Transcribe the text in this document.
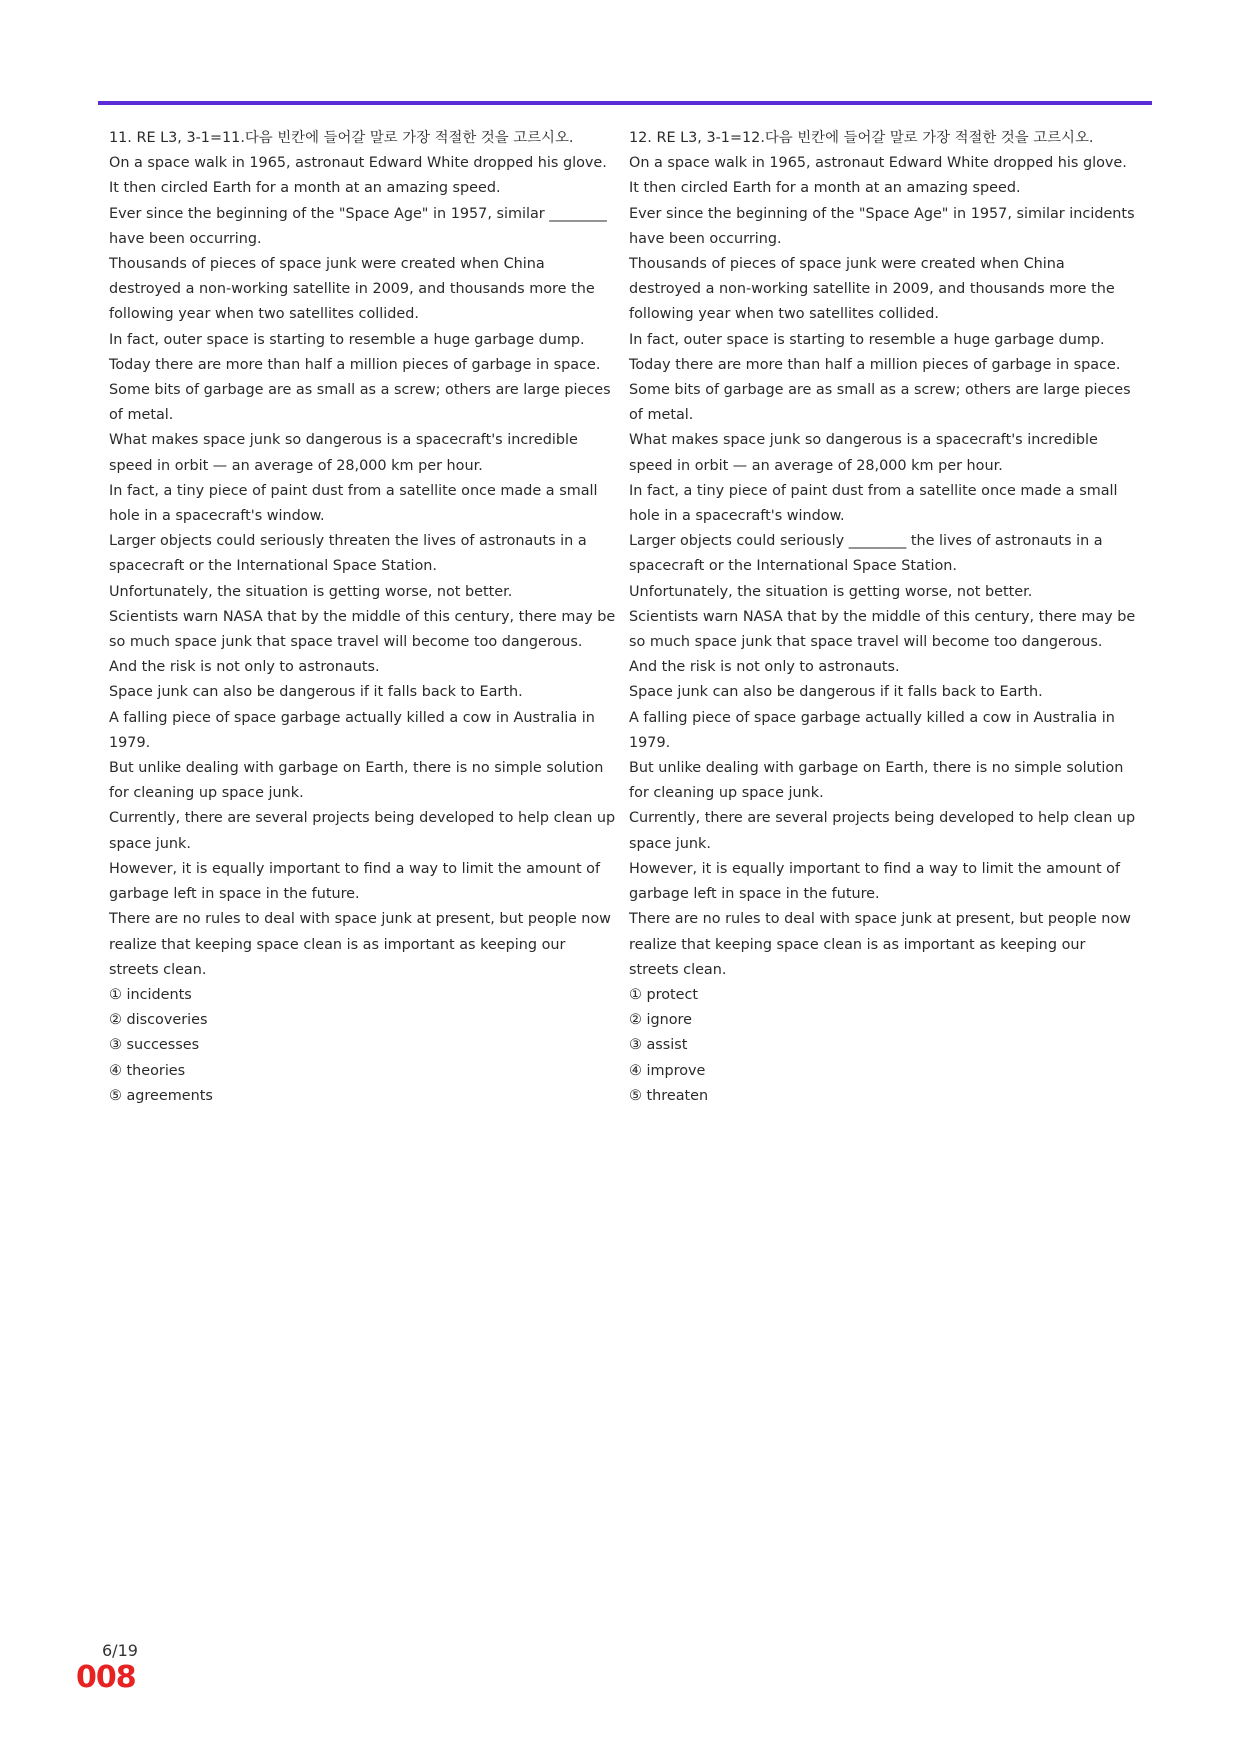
11. RE L3, 3-1=11.다음 빈칸에 들어갈 말로 가장 적절한 것을 고르시오.
On a space walk in 1965, astronaut Edward White dropped his glove.
It then circled Earth for a month at an amazing speed.
Ever since the beginning of the "Space Age" in 1957, similar ________ have been occurring.
Thousands of pieces of space junk were created when China destroyed a non-working satellite in 2009, and thousands more the following year when two satellites collided.
In fact, outer space is starting to resemble a huge garbage dump.
Today there are more than half a million pieces of garbage in space.
Some bits of garbage are as small as a screw; others are large pieces of metal.
What makes space junk so dangerous is a spacecraft's incredible speed in orbit — an average of 28,000 km per hour.
In fact, a tiny piece of paint dust from a satellite once made a small hole in a spacecraft's window.
Larger objects could seriously threaten the lives of astronauts in a spacecraft or the International Space Station.
Unfortunately, the situation is getting worse, not better.
Scientists warn NASA that by the middle of this century, there may be so much space junk that space travel will become too dangerous.
And the risk is not only to astronauts.
Space junk can also be dangerous if it falls back to Earth.
A falling piece of space garbage actually killed a cow in Australia in 1979.
But unlike dealing with garbage on Earth, there is no simple solution for cleaning up space junk.
Currently, there are several projects being developed to help clean up space junk.
However, it is equally important to find a way to limit the amount of garbage left in space in the future.
There are no rules to deal with space junk at present, but people now realize that keeping space clean is as important as keeping our streets clean.
① incidents
② discoveries
③ successes
④ theories
⑤ agreements
12. RE L3, 3-1=12.다음 빈칸에 들어갈 말로 가장 적절한 것을 고르시오.
On a space walk in 1965, astronaut Edward White dropped his glove.
It then circled Earth for a month at an amazing speed.
Ever since the beginning of the "Space Age" in 1957, similar incidents have been occurring.
Thousands of pieces of space junk were created when China destroyed a non-working satellite in 2009, and thousands more the following year when two satellites collided.
In fact, outer space is starting to resemble a huge garbage dump.
Today there are more than half a million pieces of garbage in space.
Some bits of garbage are as small as a screw; others are large pieces of metal.
What makes space junk so dangerous is a spacecraft's incredible speed in orbit — an average of 28,000 km per hour.
In fact, a tiny piece of paint dust from a satellite once made a small hole in a spacecraft's window.
Larger objects could seriously ________ the lives of astronauts in a spacecraft or the International Space Station.
Unfortunately, the situation is getting worse, not better.
Scientists warn NASA that by the middle of this century, there may be so much space junk that space travel will become too dangerous.
And the risk is not only to astronauts.
Space junk can also be dangerous if it falls back to Earth.
A falling piece of space garbage actually killed a cow in Australia in 1979.
But unlike dealing with garbage on Earth, there is no simple solution for cleaning up space junk.
Currently, there are several projects being developed to help clean up space junk.
However, it is equally important to find a way to limit the amount of garbage left in space in the future.
There are no rules to deal with space junk at present, but people now realize that keeping space clean is as important as keeping our streets clean.
① protect
② ignore
③ assist
④ improve
⑤ threaten
6/19
008
